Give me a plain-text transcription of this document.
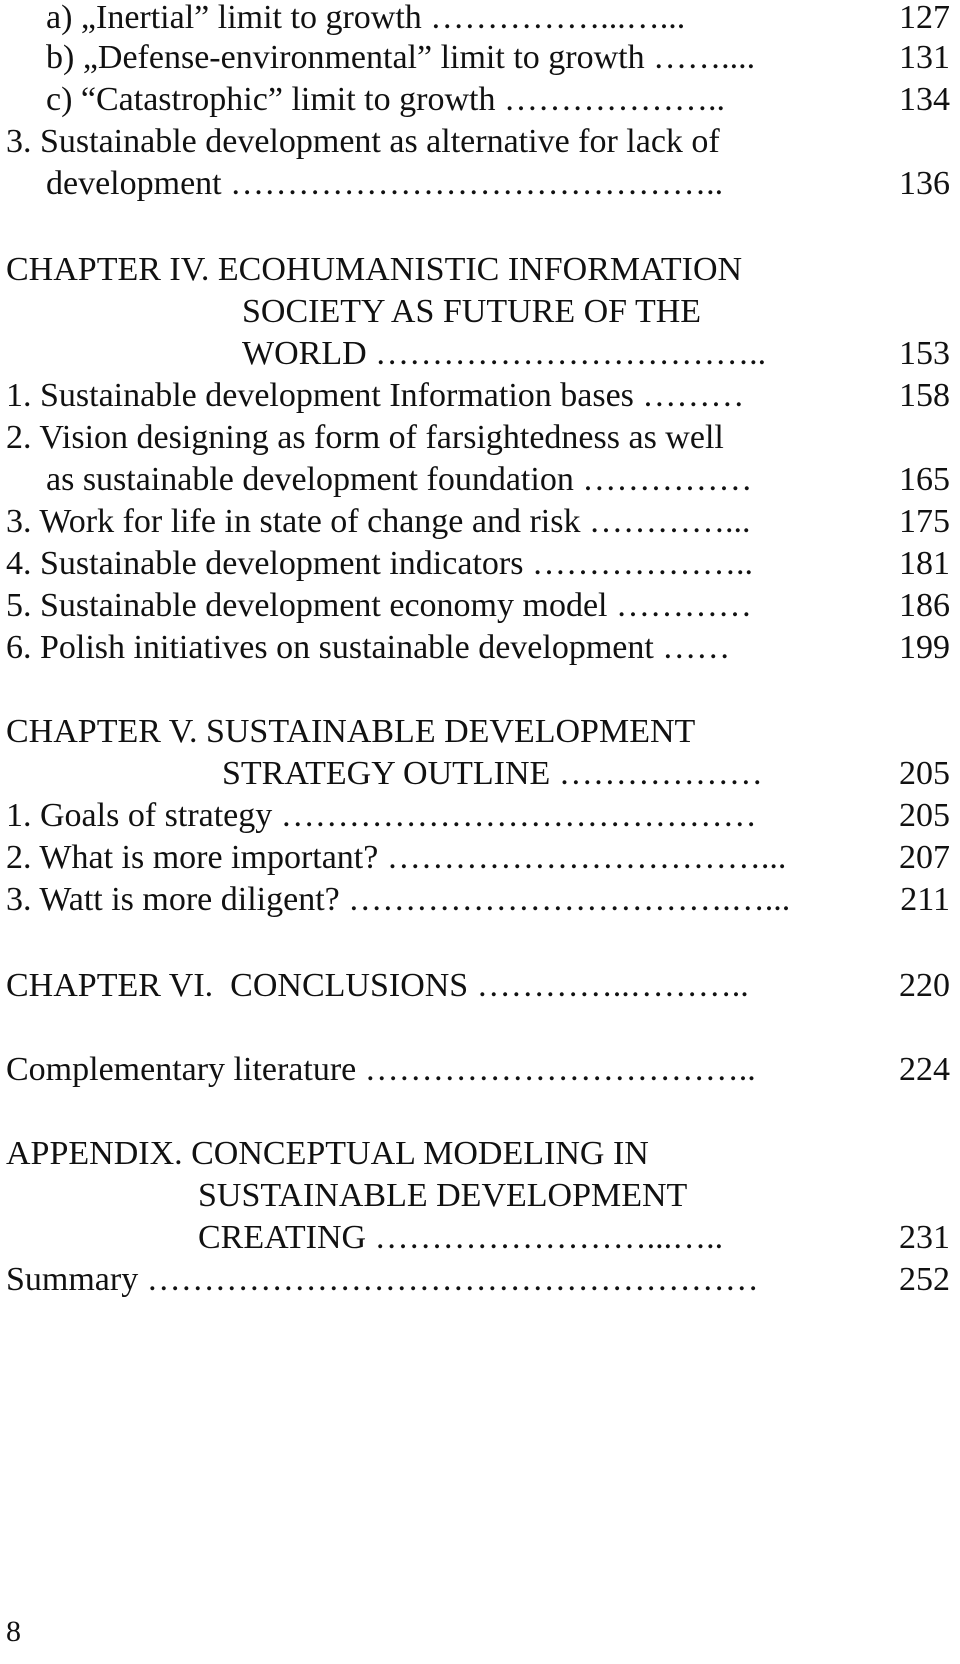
a) „Inertial” limit to growth ……………...…...	127
b) „Defense-environmental” limit to growth ……....	131
c) “Catastrophic” limit to growth ………………..	134
3. Sustainable development as alternative for lack of
development ……………………………………..	136
CHAPTER IV. ECOHUMANISTIC INFORMATION
SOCIETY AS FUTURE OF THE
WORLD ……………………………..	153
1. Sustainable development Information bases ………	158
2. Vision designing as form of farsightedness as well
as sustainable development foundation ……………	165
3. Work for life in state of change and risk …………...	175
4. Sustainable development indicators ………………..	181
5. Sustainable development economy model …………	186
6. Polish initiatives on sustainable development ……	199
CHAPTER V. SUSTAINABLE DEVELOPMENT
STRATEGY OUTLINE ………………	205
1. Goals of strategy ……………………………………	205
2. What is more important? ……………………………...	207
3. Watt is more diligent? …………………………….…...	211
CHAPTER VI.  CONCLUSIONS …………..………..	220
Complementary literature ……………………………..	224
APPENDIX. CONCEPTUAL MODELING IN
SUSTAINABLE DEVELOPMENT
CREATING ……………………...…..	231
Summary ………………………………………………	252
8
